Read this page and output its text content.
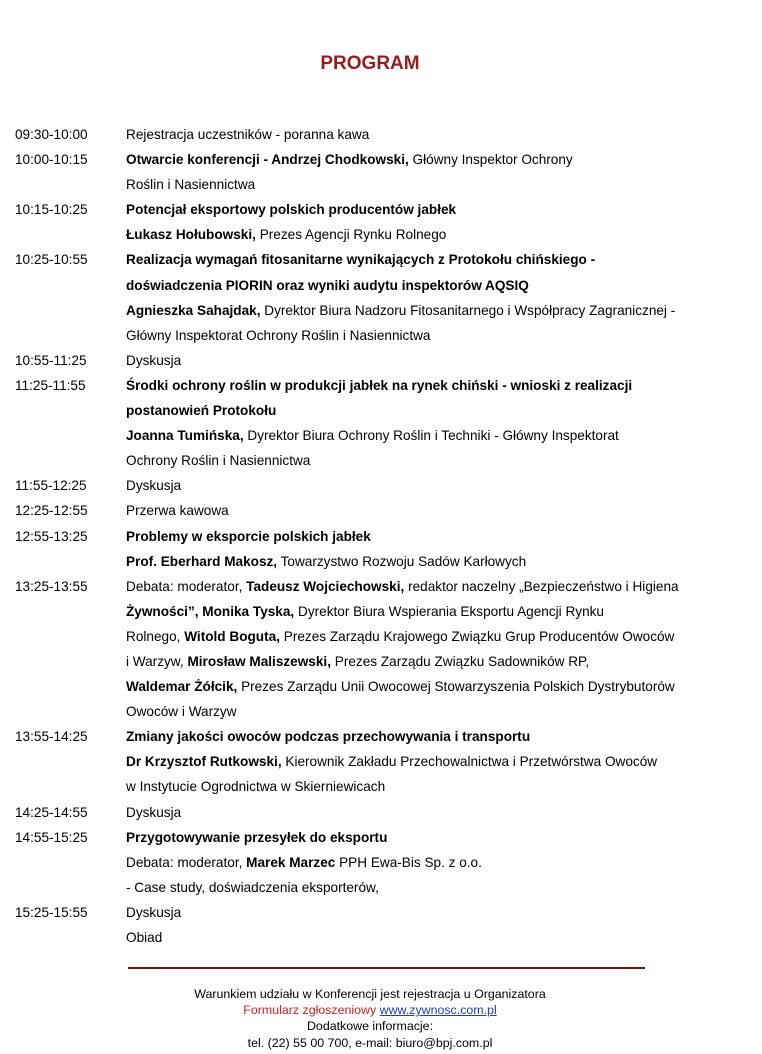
PROGRAM
09:30-10:00	Rejestracja uczestników - poranna kawa
10:00-10:15	Otwarcie konferencji - Andrzej Chodkowski, Główny Inspektor Ochrony
Roślin i Nasiennictwa
10:15-10:25	Potencjał eksportowy polskich producentów jabłek
Łukasz Hołubowski, Prezes Agencji Rynku Rolnego
10:25-10:55	Realizacja wymagań fitosanitarne wynikających z Protokołu chińskiego -
doświadczenia PIORIN oraz wyniki audytu inspektorów AQSIQ
Agnieszka Sahajdak, Dyrektor Biura Nadzoru Fitosanitarnego i Współpracy Zagranicznej -
Główny Inspektorat Ochrony Roślin i Nasiennictwa
10:55-11:25	Dyskusja
11:25-11:55	Środki ochrony roślin w produkcji jabłek na rynek chiński - wnioski z realizacji
postanowień Protokołu
Joanna Tumińska, Dyrektor Biura Ochrony Roślin i Techniki - Główny Inspektorat
Ochrony Roślin i Nasiennictwa
11:55-12:25	Dyskusja
12:25-12:55	Przerwa kawowa
12:55-13:25	Problemy w eksporcie polskich jabłek
Prof. Eberhard Makosz, Towarzystwo Rozwoju Sadów Karłowych
13:25-13:55	Debata: moderator, Tadeusz Wojciechowski, redaktor naczelny „Bezpieczeństwo i Higiena
Żywności”, Monika Tyska, Dyrektor Biura Wspierania Eksportu Agencji Rynku
Rolnego, Witold Boguta, Prezes Zarządu Krajowego Związku Grup Producentów Owoców
i Warzyw, Mirosław Maliszewski, Prezes Zarządu Związku Sadowników RP,
Waldemar Żółcik, Prezes Zarządu Unii Owocowej Stowarzyszenia Polskich Dystrybutorów
Owoców i Warzyw
13:55-14:25	Zmiany jakości owoców podczas przechowywania i transportu
Dr Krzysztof Rutkowski, Kierownik Zakładu Przechowalnictwa i Przetwórstwa Owoców
w Instytucie Ogrodnictwa w Skierniewicach
14:25-14:55	Dyskusja
14:55-15:25	Przygotowywanie przesyłek do eksportu
Debata: moderator, Marek Marzec PPH Ewa-Bis Sp. z o.o.
- Case study, doświadczenia eksporterów,
15:25-15:55	Dyskusja
Obiad
Warunkiem udziału w Konferencji jest rejestracja u Organizatora
Formularz zgłoszeniowy www.zywnosc.com.pl
Dodatkowe informacje:
tel. (22) 55 00 700, e-mail: biuro@bpj.com.pl
